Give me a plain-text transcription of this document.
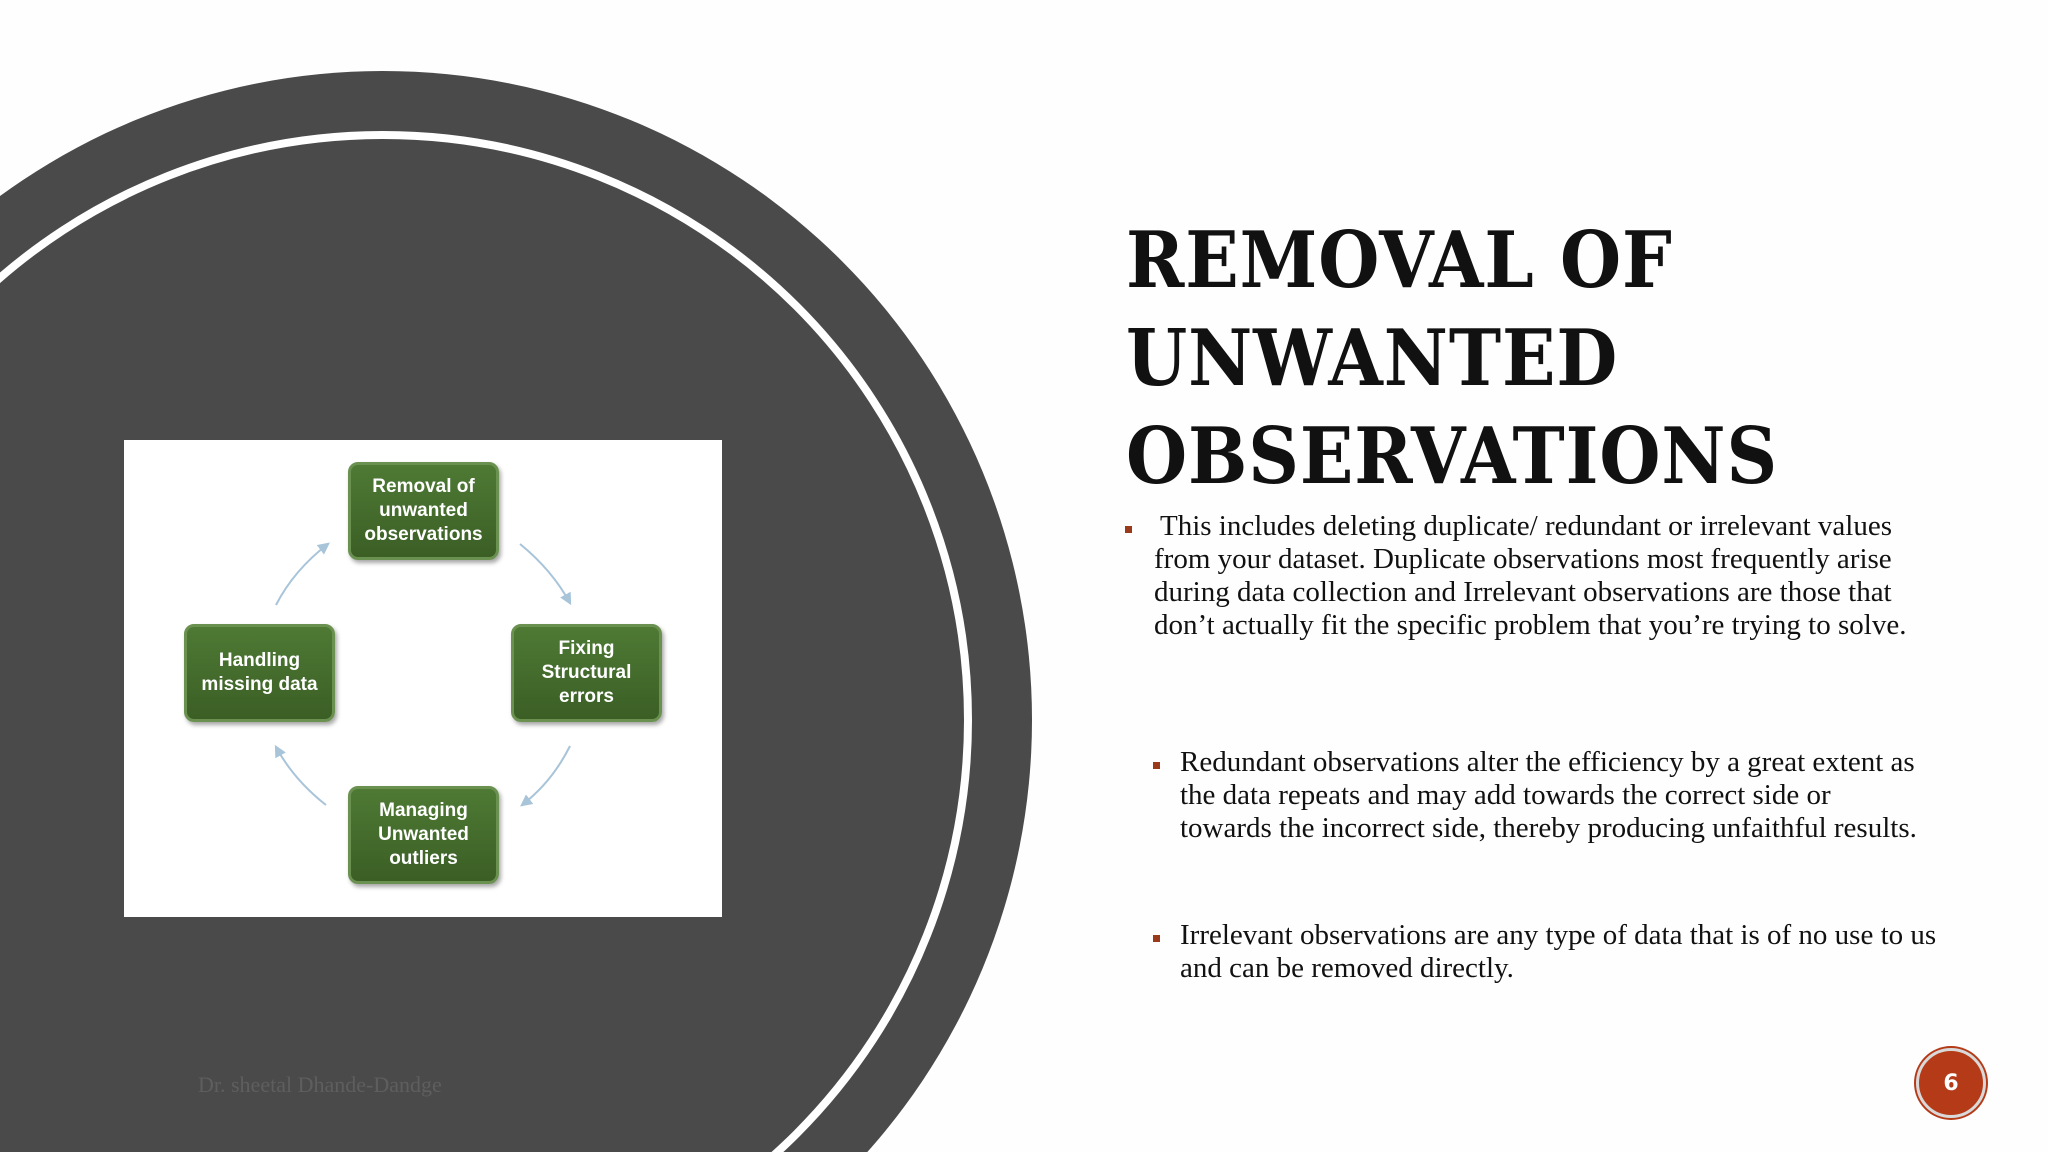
Removal of
unwanted
observations
Fixing
Structural
errors
Managing
Unwanted
outliers
Handling
missing data
Dr. sheetal Dhande-Dandge
REMOVAL OF
UNWANTED
OBSERVATIONS
This includes deleting duplicate/ redundant or irrelevant values from your dataset. Duplicate observations most frequently arise during data collection and Irrelevant observations are those that don’t actually fit the specific problem that you’re trying to solve.
Redundant observations alter the efficiency by a great extent as the data repeats and may add towards the correct side or towards the incorrect side, thereby producing unfaithful results.
Irrelevant observations are any type of data that is of no use to us and can be removed directly.
6
